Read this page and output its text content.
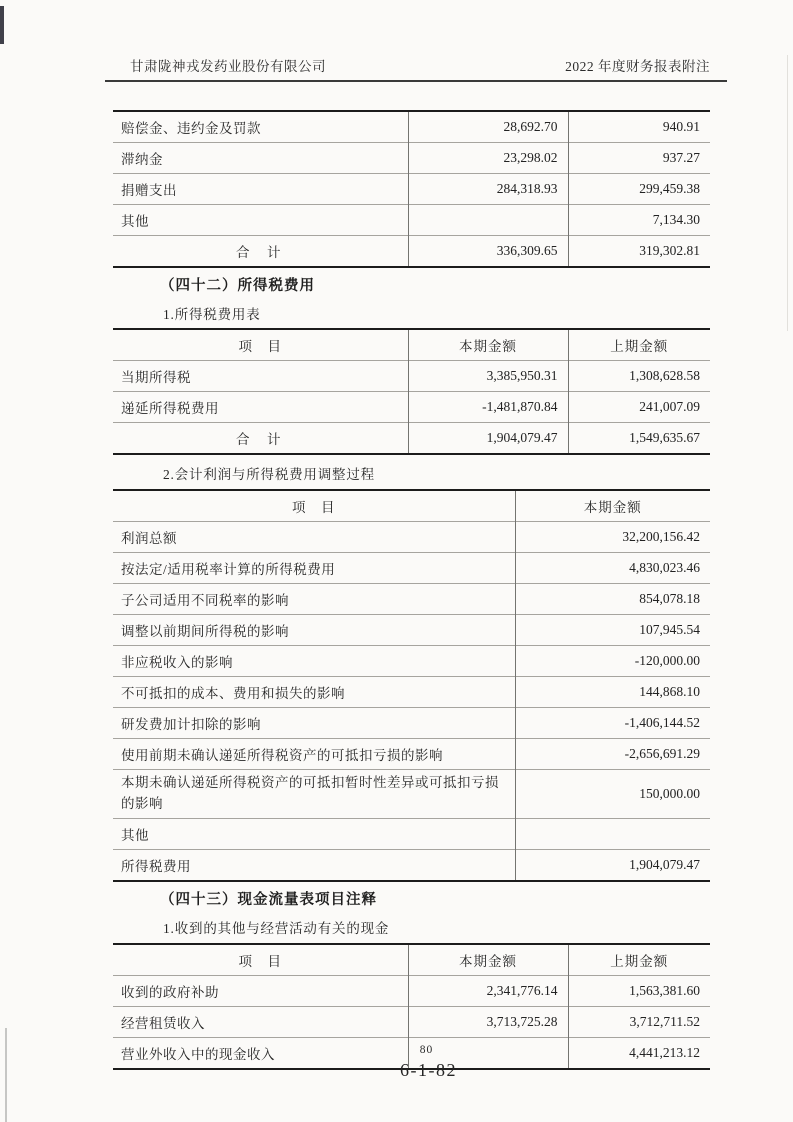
甘肃陇神戎发药业股份有限公司	2022 年度财务报表附注
赔偿金、违约金及罚款	28,692.70	940.91
滞纳金	23,298.02	937.27
捐赠支出	284,318.93	299,459.38
其他		7,134.30
合　计	336,309.65	319,302.81
（四十二）所得税费用
1.所得税费用表
项　目	本期金额	上期金额
当期所得税	3,385,950.31	1,308,628.58
递延所得税费用	-1,481,870.84	241,007.09
合　计	1,904,079.47	1,549,635.67
2.会计利润与所得税费用调整过程
项　目	本期金额
利润总额	32,200,156.42
按法定/适用税率计算的所得税费用	4,830,023.46
子公司适用不同税率的影响	854,078.18
调整以前期间所得税的影响	107,945.54
非应税收入的影响	-120,000.00
不可抵扣的成本、费用和损失的影响	144,868.10
研发费加计扣除的影响	-1,406,144.52
使用前期未确认递延所得税资产的可抵扣亏损的影响	-2,656,691.29
本期未确认递延所得税资产的可抵扣暂时性差异或可抵扣亏损的影响	150,000.00
其他	
所得税费用	1,904,079.47
（四十三）现金流量表项目注释
1.收到的其他与经营活动有关的现金
项　目	本期金额	上期金额
收到的政府补助	2,341,776.14	1,563,381.60
经营租赁收入	3,713,725.28	3,712,711.52
营业外收入中的现金收入		4,441,213.12
80
6-1-82
